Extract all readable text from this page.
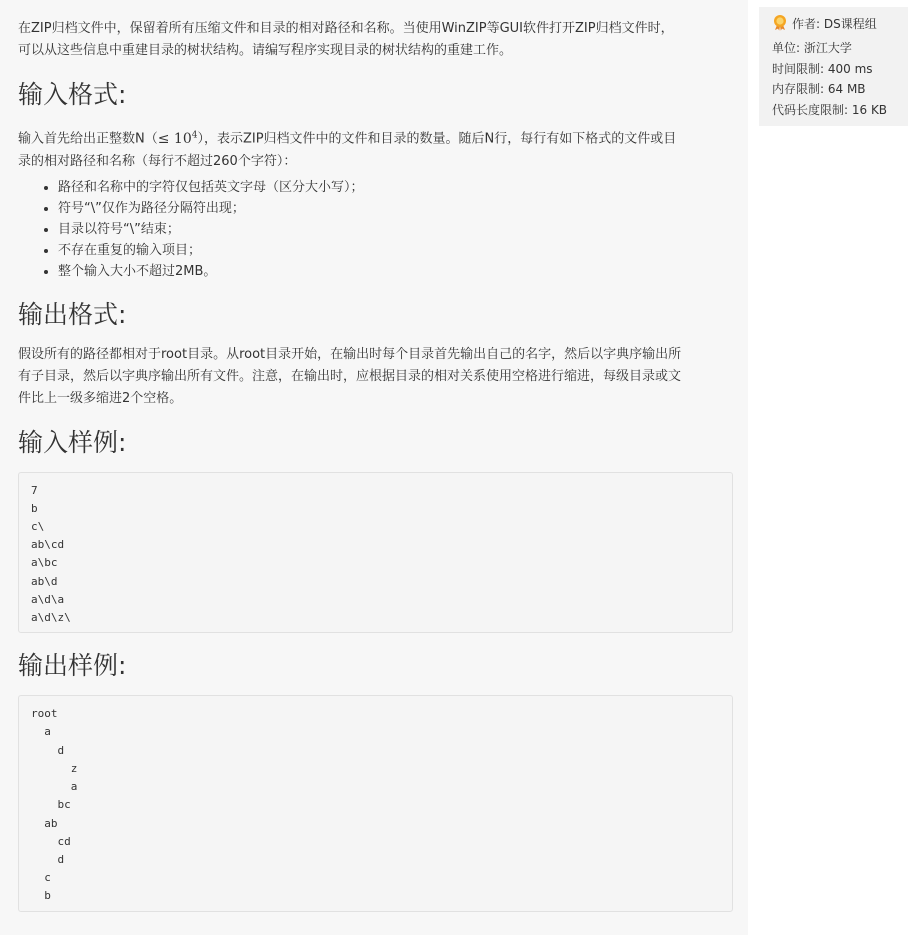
在ZIP归档文件中，保留着所有压缩文件和目录的相对路径和名称。当使用WinZIP等GUI软件打开ZIP归档文件时，

可以从这些信息中重建目录的树状结构。请编写程序实现目录的树状结构的重建工作。

输入格式:

输入首先给出正整数$N(\le 10^4)$，表示ZIP归档文件中的文件和目录的数量。随后N行，每行有如下格式的文件或目

录的相对路径和名称（每行不超过260个字符）：

• 路径和名称中的字符仅包括英文字母（区分大小写）；
• 符号“\”仅作为路径分隔符出现；
• 目录以符号“\”结束；
• 不存在重复的输入项目；
• 整个输入大小不超过2MB。
输出格式:

假设所有的路径都相对于root目录。从root目录开始，在输出时每个目录首先输出自己的名字，然后以字典序输出所

有子目录，然后以字典序输出所有文件。注意，在输出时，应根据目录的相对关系使用空格进行缩进，每级目录或文

件比上一级多缩进2个空格。

输入样例:
7
b
c\
ab\cd
a\bc
ab\d
a\d\a
a\d\z\
输出样例:
root
a
d
z
a
bc
ab
cd
d
c
b
作者: DS课程组
单位: 浙江大学
时间限制: 400 ms
内存限制: 64 MB
代码长度限制: 16 KB
